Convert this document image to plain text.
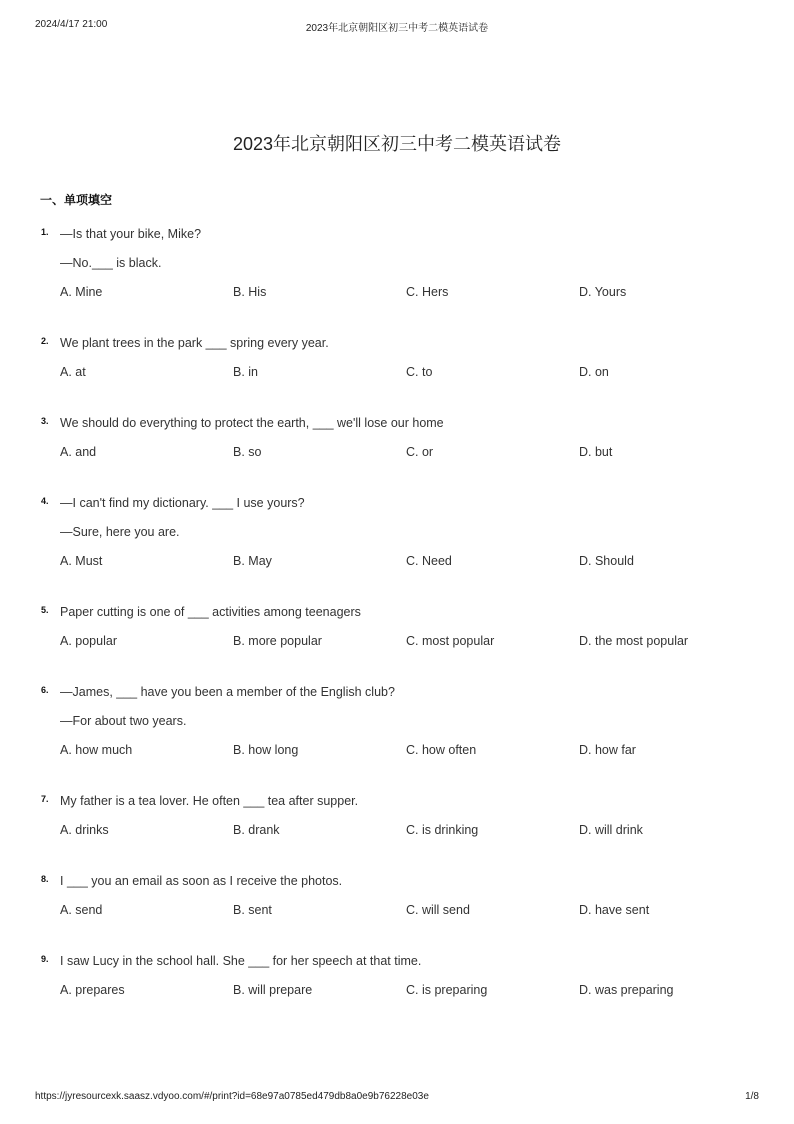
2024/4/17 21:00	2023年北京朝阳区初三中考二模英语试卷
2023年北京朝阳区初三中考二模英语试卷
一、单项填空
1. —Is that your bike, Mike?
—No.___ is black.
A. Mine	B. His	C. Hers	D. Yours
2. We plant trees in the park ___ spring every year.
A. at	B. in	C. to	D. on
3. We should do everything to protect the earth, ___ we'll lose our home
A. and	B. so	C. or	D. but
4. —I can't find my dictionary. ___ I use yours?
—Sure, here you are.
A. Must	B. May	C. Need	D. Should
5. Paper cutting is one of ___ activities among teenagers
A. popular	B. more popular	C. most popular	D. the most popular
6. —James, ___ have you been a member of the English club?
—For about two years.
A. how much	B. how long	C. how often	D. how far
7. My father is a tea lover. He often ___ tea after supper.
A. drinks	B. drank	C. is drinking	D. will drink
8. I ___ you an email as soon as I receive the photos.
A. send	B. sent	C. will send	D. have sent
9. I saw Lucy in the school hall. She ___ for her speech at that time.
A. prepares	B. will prepare	C. is preparing	D. was preparing
https://jyresourcexk.saasz.vdyoo.com/#/print?id=68e97a0785ed479db8a0e9b76228e03e	1/8
